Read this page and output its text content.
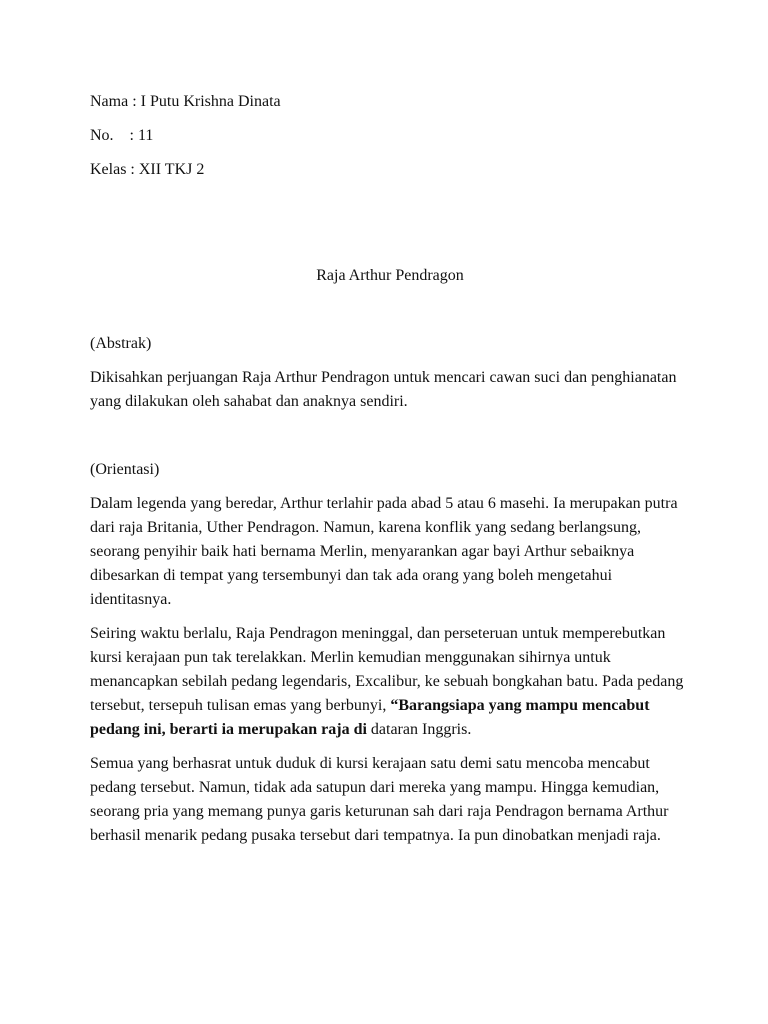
Nama : I Putu Krishna Dinata

No.    : 11

Kelas : XII TKJ 2

Raja Arthur Pendragon

(Abstrak)

Dikisahkan perjuangan Raja Arthur Pendragon untuk mencari cawan suci dan penghianatan yang dilakukan oleh sahabat dan anaknya sendiri.

(Orientasi)

Dalam legenda yang beredar, Arthur terlahir pada abad 5 atau 6 masehi. Ia merupakan putra dari raja Britania, Uther Pendragon. Namun, karena konflik yang sedang berlangsung, seorang penyihir baik hati bernama Merlin, menyarankan agar bayi Arthur sebaiknya dibesarkan di tempat yang tersembunyi dan tak ada orang yang boleh mengetahui identitasnya.

Seiring waktu berlalu, Raja Pendragon meninggal, dan perseteruan untuk memperebutkan kursi kerajaan pun tak terelakkan. Merlin kemudian menggunakan sihirnya untuk menancapkan sebilah pedang legendaris, Excalibur, ke sebuah bongkahan batu. Pada pedang tersebut, tersepuh tulisan emas yang berbunyi, “Barangsiapa yang mampu mencabut pedang ini, berarti ia merupakan raja di dataran Inggris.

Semua yang berhasrat untuk duduk di kursi kerajaan satu demi satu mencoba mencabut pedang tersebut. Namun, tidak ada satupun dari mereka yang mampu. Hingga kemudian, seorang pria yang memang punya garis keturunan sah dari raja Pendragon bernama Arthur berhasil menarik pedang pusaka tersebut dari tempatnya. Ia pun dinobatkan menjadi raja.
